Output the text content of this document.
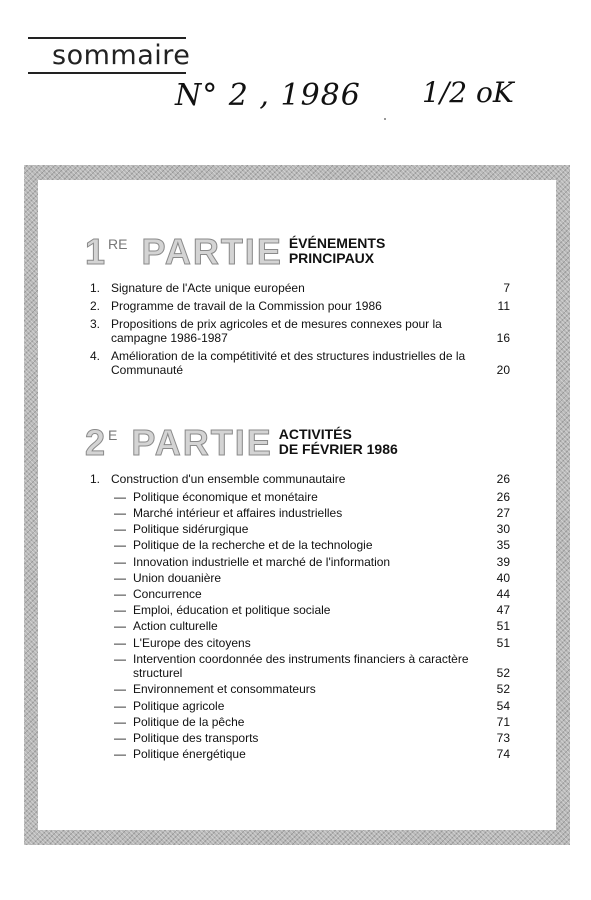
sommaire
N° 2 , 1986 1/2 oK
1 RE PARTIE ÉVÉNEMENTS
PRINCIPAUX
1. Signature de l'Acte unique européen	7
2. Programme de travail de la Commission pour 1986	11
3. Propositions de prix agricoles et de mesures connexes pour la campagne 1986-1987	16
4. Amélioration de la compétitivité et des structures industrielles de la Communauté	20
2 E PARTIE ACTIVITÉS
DE FÉVRIER 1986
1. Construction d'un ensemble communautaire	26
— Politique économique et monétaire	26
— Marché intérieur et affaires industrielles	27
— Politique sidérurgique	30
— Politique de la recherche et de la technologie	35
— Innovation industrielle et marché de l'information	39
— Union douanière	40
— Concurrence	44
— Emploi, éducation et politique sociale	47
— Action culturelle	51
— L'Europe des citoyens	51
— Intervention coordonnée des instruments financiers à caractère structurel	52
— Environnement et consommateurs	52
— Politique agricole	54
— Politique de la pêche	71
— Politique des transports	73
— Politique énergétique	74
